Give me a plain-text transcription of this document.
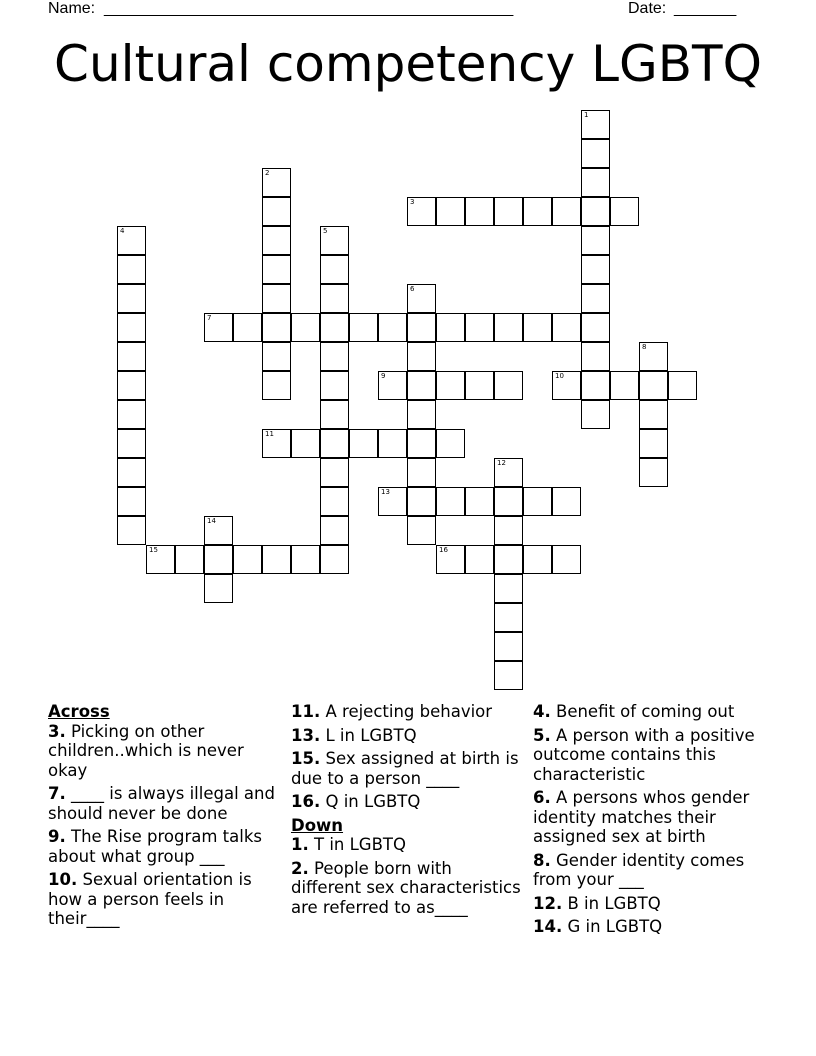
Name: ______________________________________________	Date: _______
Cultural competency LGBTQ
1
2
3
4	5
6
7
8
9	10
11
12
13
14
15	16

Across

3. Picking on other children..which is never okay

7. ____ is always illegal and should never be done

9. The Rise program talks about what group ___

10. Sexual orientation is how a person feels in their____

11. A rejecting behavior

13. L in LGBTQ

15. Sex assigned at birth is due to a person ____

16. Q in LGBTQ

Down

1. T in LGBTQ

2. People born with different sex characteristics are referred to as____

4. Benefit of coming out

5. A person with a positive outcome contains this characteristic

6. A persons whos gender identity matches their assigned sex at birth

8. Gender identity comes from your ___

12. B in LGBTQ

14. G in LGBTQ
